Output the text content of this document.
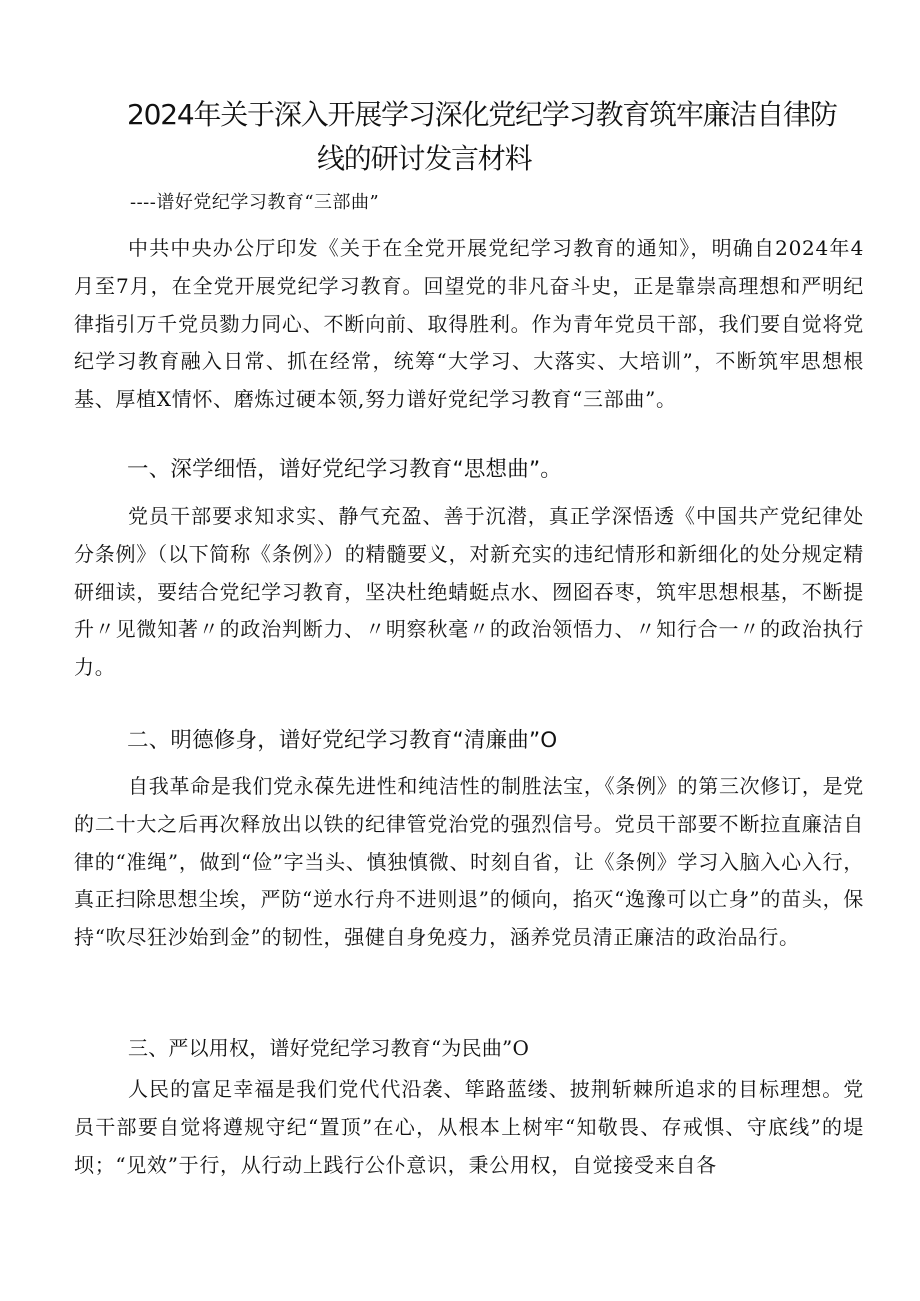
2024年关于深入开展学习深化党纪学习教育筑牢廉洁自律防
线的研讨发言材料
----谱好党纪学习教育“三部曲”

中共中央办公厅印发《关于在全党开展党纪学习教育的通知》，明确自2024年4月至7月，在全党开展党纪学习教育。回望党的非凡奋斗史，正是靠崇高理想和严明纪律指引万千党员勠力同心、不断向前、取得胜利。作为青年党员干部，我们要自觉将党纪学习教育融入日常、抓在经常，统筹“大学习、大落实、大培训”，不断筑牢思想根基、厚植X情怀、磨炼过硬本领,努力谱好党纪学习教育“三部曲”。

一、深学细悟，谱好党纪学习教育“思想曲”。

党员干部要求知求实、静气充盈、善于沉潜，真正学深悟透《中国共产党纪律处分条例》（以下简称《条例》）的精髓要义，对新充实的违纪情形和新细化的处分规定精研细读，要结合党纪学习教育，坚决杜绝蜻蜓点水、囫囵吞枣，筑牢思想根基，不断提升〃见微知著〃的政治判断力、〃明察秋毫〃的政治领悟力、〃知行合一〃的政治执行力。

二、明德修身，谱好党纪学习教育“清廉曲”O

自我革命是我们党永葆先进性和纯洁性的制胜法宝，《条例》的第三次修订，是党的二十大之后再次释放出以铁的纪律管党治党的强烈信号。党员干部要不断拉直廉洁自律的“准绳”，做到“俭”字当头、慎独慎微、时刻自省，让《条例》学习入脑入心入行，真正扫除思想尘埃，严防“逆水行舟不进则退”的倾向，掐灭“逸豫可以亡身”的苗头，保持“吹尽狂沙始到金”的韧性，强健自身免疫力，涵养党员清正廉洁的政治品行。

三、严以用权，谱好党纪学习教育“为民曲”O

人民的富足幸福是我们党代代沿袭、筚路蓝缕、披荆斩棘所追求的目标理想。党员干部要自觉将遵规守纪“置顶”在心，从根本上树牢“知敬畏、存戒惧、守底线”的堤坝；“见效”于行，从行动上践行公仆意识，秉公用权，自觉接受来自各
